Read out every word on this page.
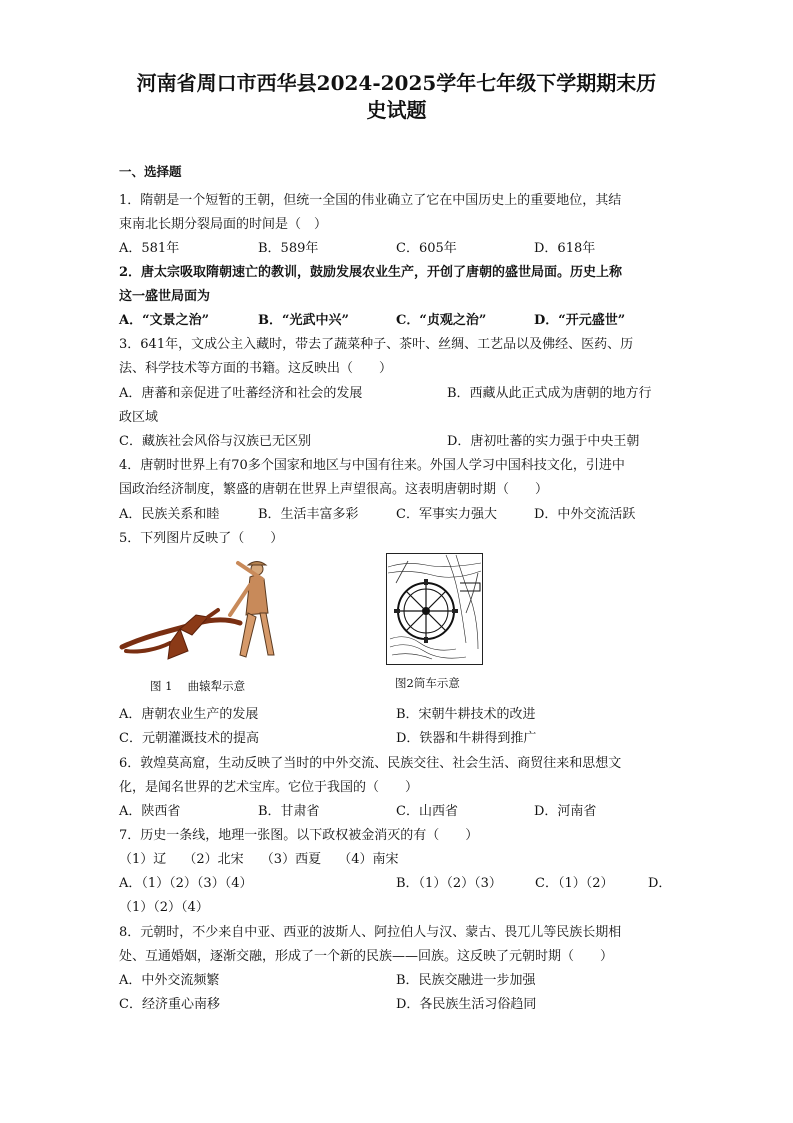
河南省周口市西华县2024-2025学年七年级下学期期末历
史试题
一、选择题
1．隋朝是一个短暂的王朝，但统一全国的伟业确立了它在中国历史上的重要地位，其结
束南北长期分裂局面的时间是（　）
A．581年	B．589年	C．605年	D．618年
2．唐太宗吸取隋朝速亡的教训，鼓励发展农业生产，开创了唐朝的盛世局面。历史上称
这一盛世局面为
A．“文景之治”	B．“光武中兴”	C．“贞观之治”	D．“开元盛世”
3．641年，文成公主入藏时，带去了蔬菜种子、茶叶、丝绸、工艺品以及佛经、医药、历
法、科学技术等方面的书籍。这反映出（　　）
A．唐蕃和亲促进了吐蕃经济和社会的发展	B．西藏从此正式成为唐朝的地方行
政区域
C．藏族社会风俗与汉族已无区别	D．唐初吐蕃的实力强于中央王朝
4．唐朝时世界上有70多个国家和地区与中国有往来。外国人学习中国科技文化，引进中
国政治经济制度，繁盛的唐朝在世界上声望很高。这表明唐朝时期（　　）
A．民族关系和睦	B．生活丰富多彩	C．军事实力强大	D．中外交流活跃
5．下列图片反映了（　　）
图 1　 曲辕犁示意	图2筒车示意
A．唐朝农业生产的发展	B．宋朝牛耕技术的改进
C．元朝灌溉技术的提高	D．铁器和牛耕得到推广
6．敦煌莫高窟，生动反映了当时的中外交流、民族交往、社会生活、商贸往来和思想文
化，是闻名世界的艺术宝库。它位于我国的（　　）
A．陕西省	B．甘肃省	C．山西省	D．河南省
7．历史一条线，地理一张图。以下政权被金消灭的有（　　）
（1）辽　 （2）北宋　 （3）西夏　 （4）南宋
A．（1）（2）（3）（4）	B．（1）（2）（3）	C．（1）（2）	D．
（1）（2）（4）
8．元朝时，不少来自中亚、西亚的波斯人、阿拉伯人与汉、蒙古、畏兀儿等民族长期相
处、互通婚姻，逐渐交融，形成了一个新的民族——回族。这反映了元朝时期（　　）
A．中外交流频繁	B．民族交融进一步加强
C．经济重心南移	D．各民族生活习俗趋同
